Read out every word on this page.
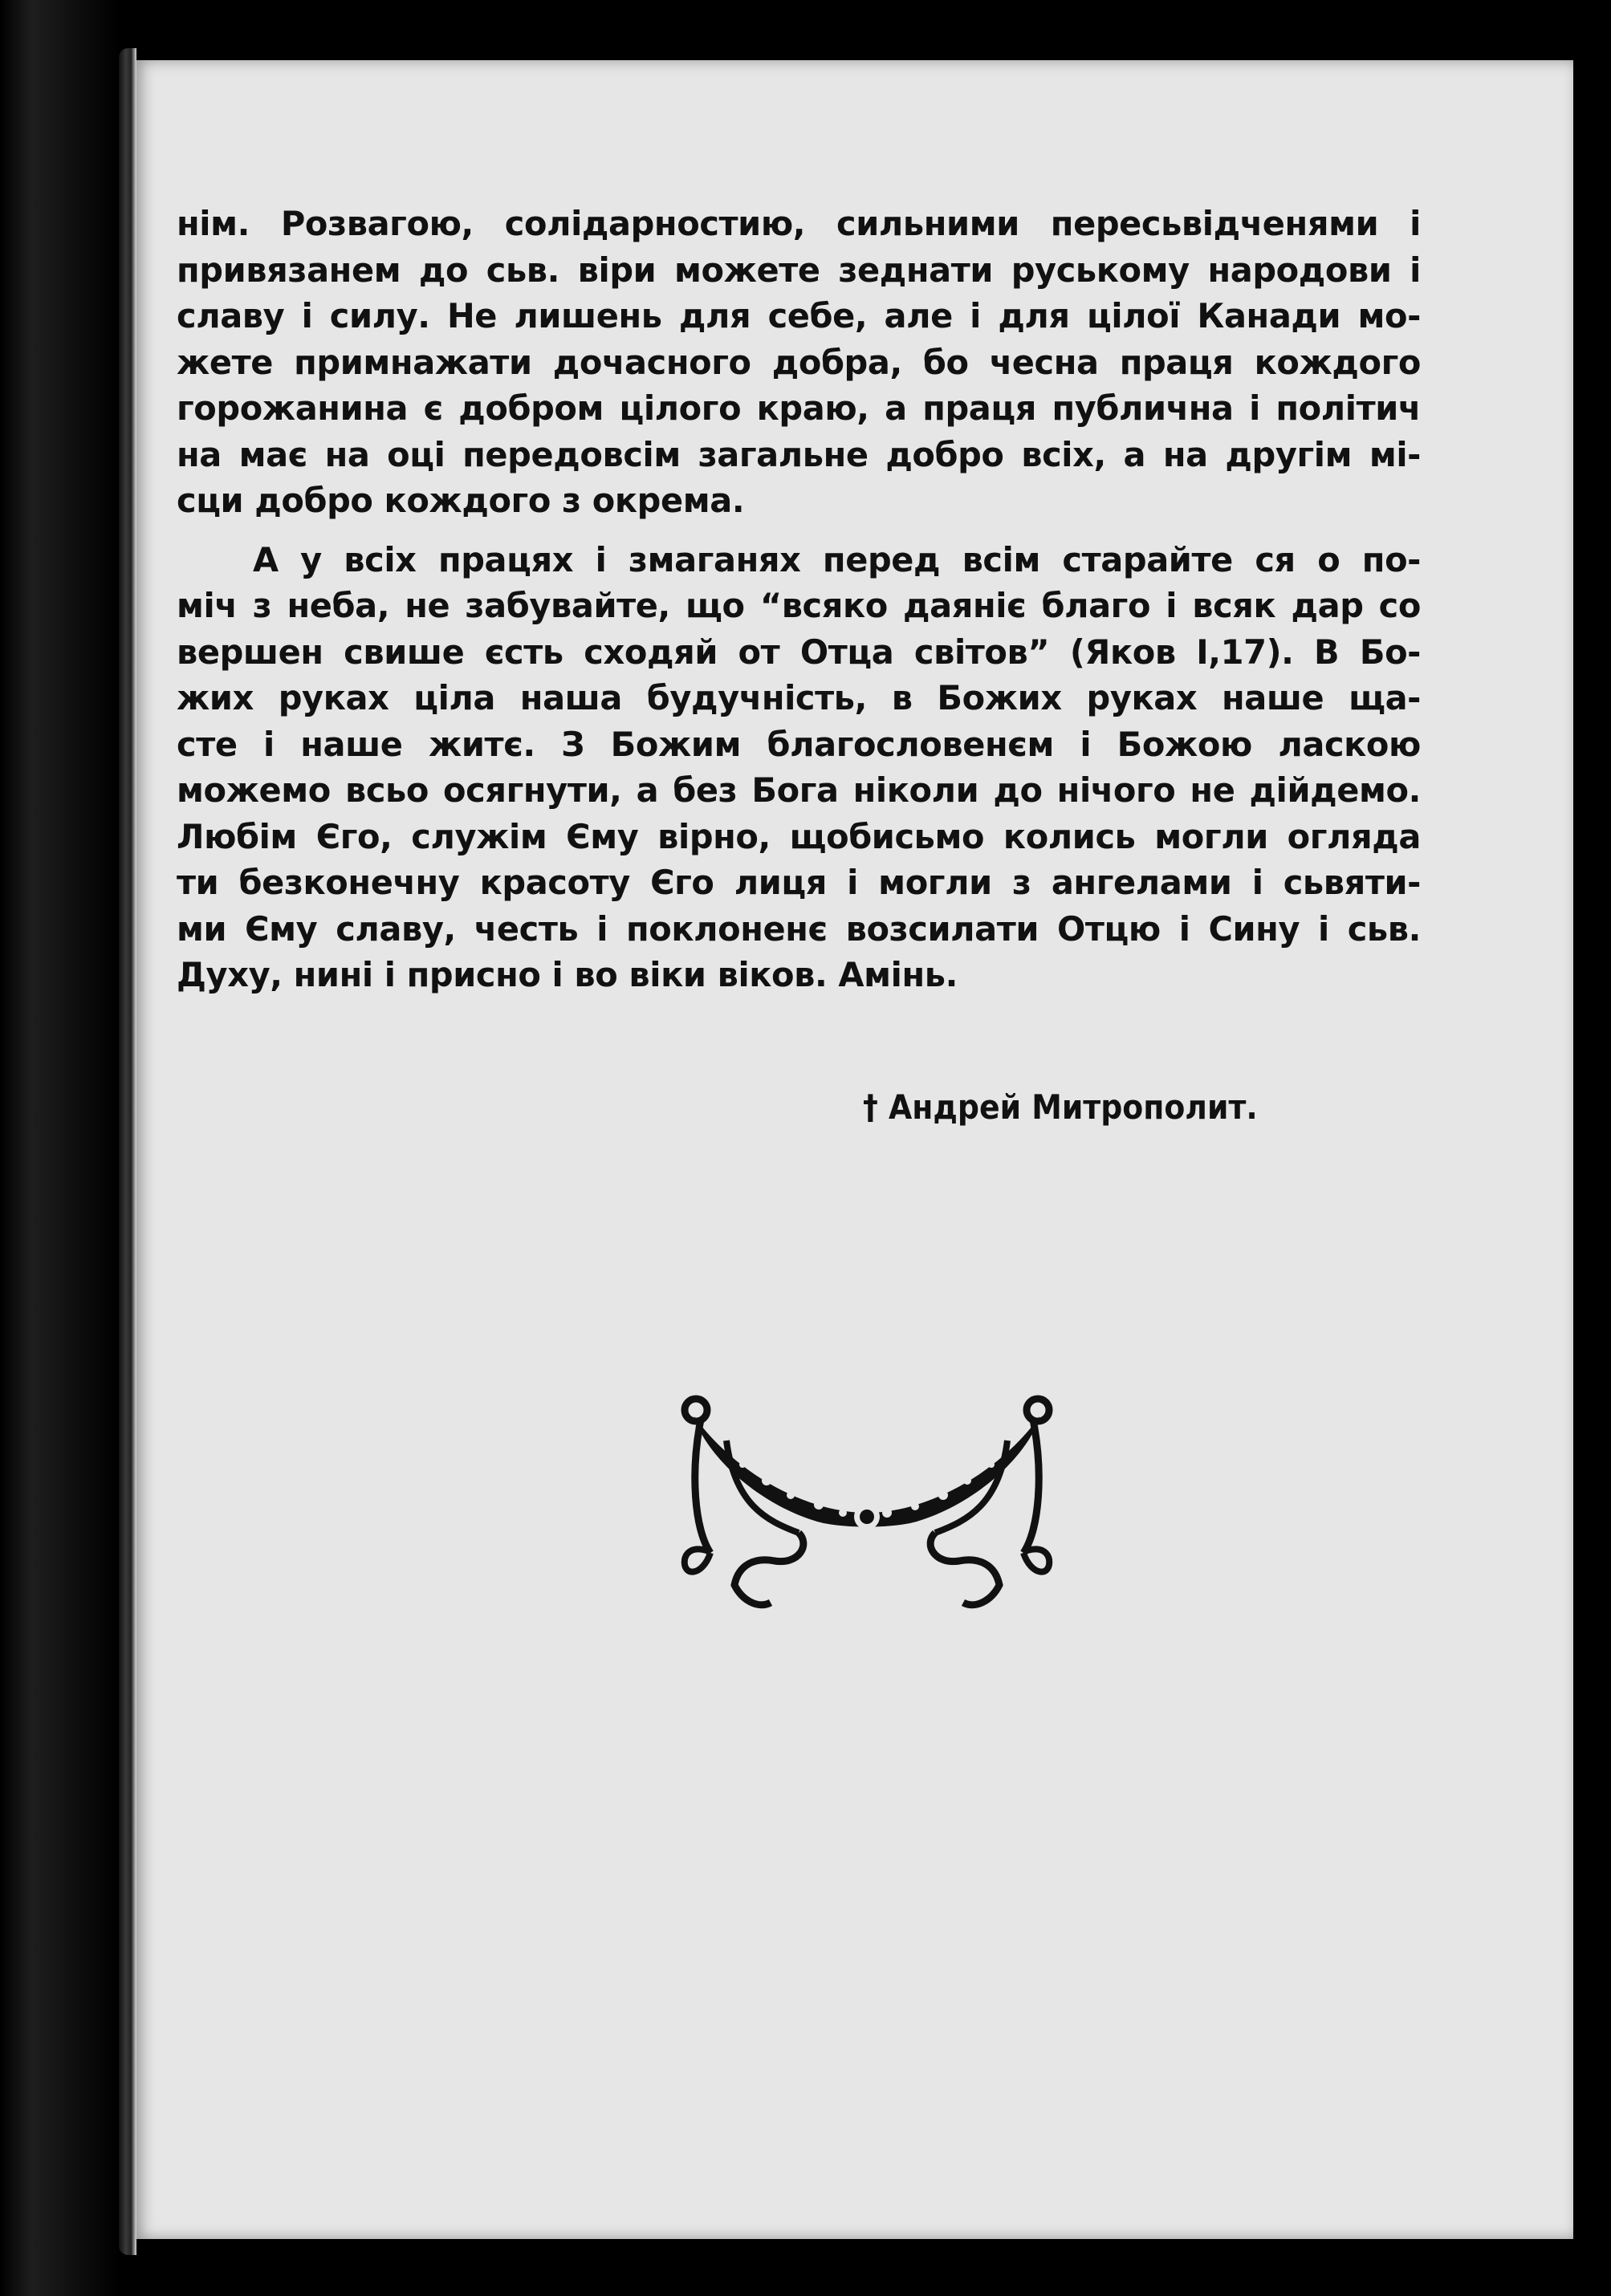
нім. Розвагою, солідарностию, сильними пересьвідченями і
привязанем до сьв. віри можете зеднати руському народови і
славу і силу. Не лишень для себе, але і для цілої Канади мо-
жете примнажати дочасного добра, бо чесна праця кождого
горожанина є добром цілого краю, а праця публична і політич
на має на оці передовсім загальне добро всіх, а на другім мі-
сци добро кождого з окрема.
А у всіх працях і змаганях перед всім старайте ся о по-
міч з неба, не забувайте, що “всяко даяніє благо і всяк дар со
вершен свише єсть сходяй от Отца світов” (Яков І,17). В Бо-
жих руках ціла наша будучність, в Божих руках наше ща-
сте і наше житє. З Божим благословенєм і Божою ласкою
можемо всьо осягнути, а без Бога ніколи до нічого не дійдемо.
Любім Єго, служім Єму вірно, щобисьмо колись могли огляда
ти безконечну красоту Єго лиця і могли з ангелами і сьвяти-
ми Єму славу, честь і поклоненє возсилати Отцю і Сину і сьв.
Духу, нині і присно і во віки віков. Амінь.
† Андрей Митрополит.
